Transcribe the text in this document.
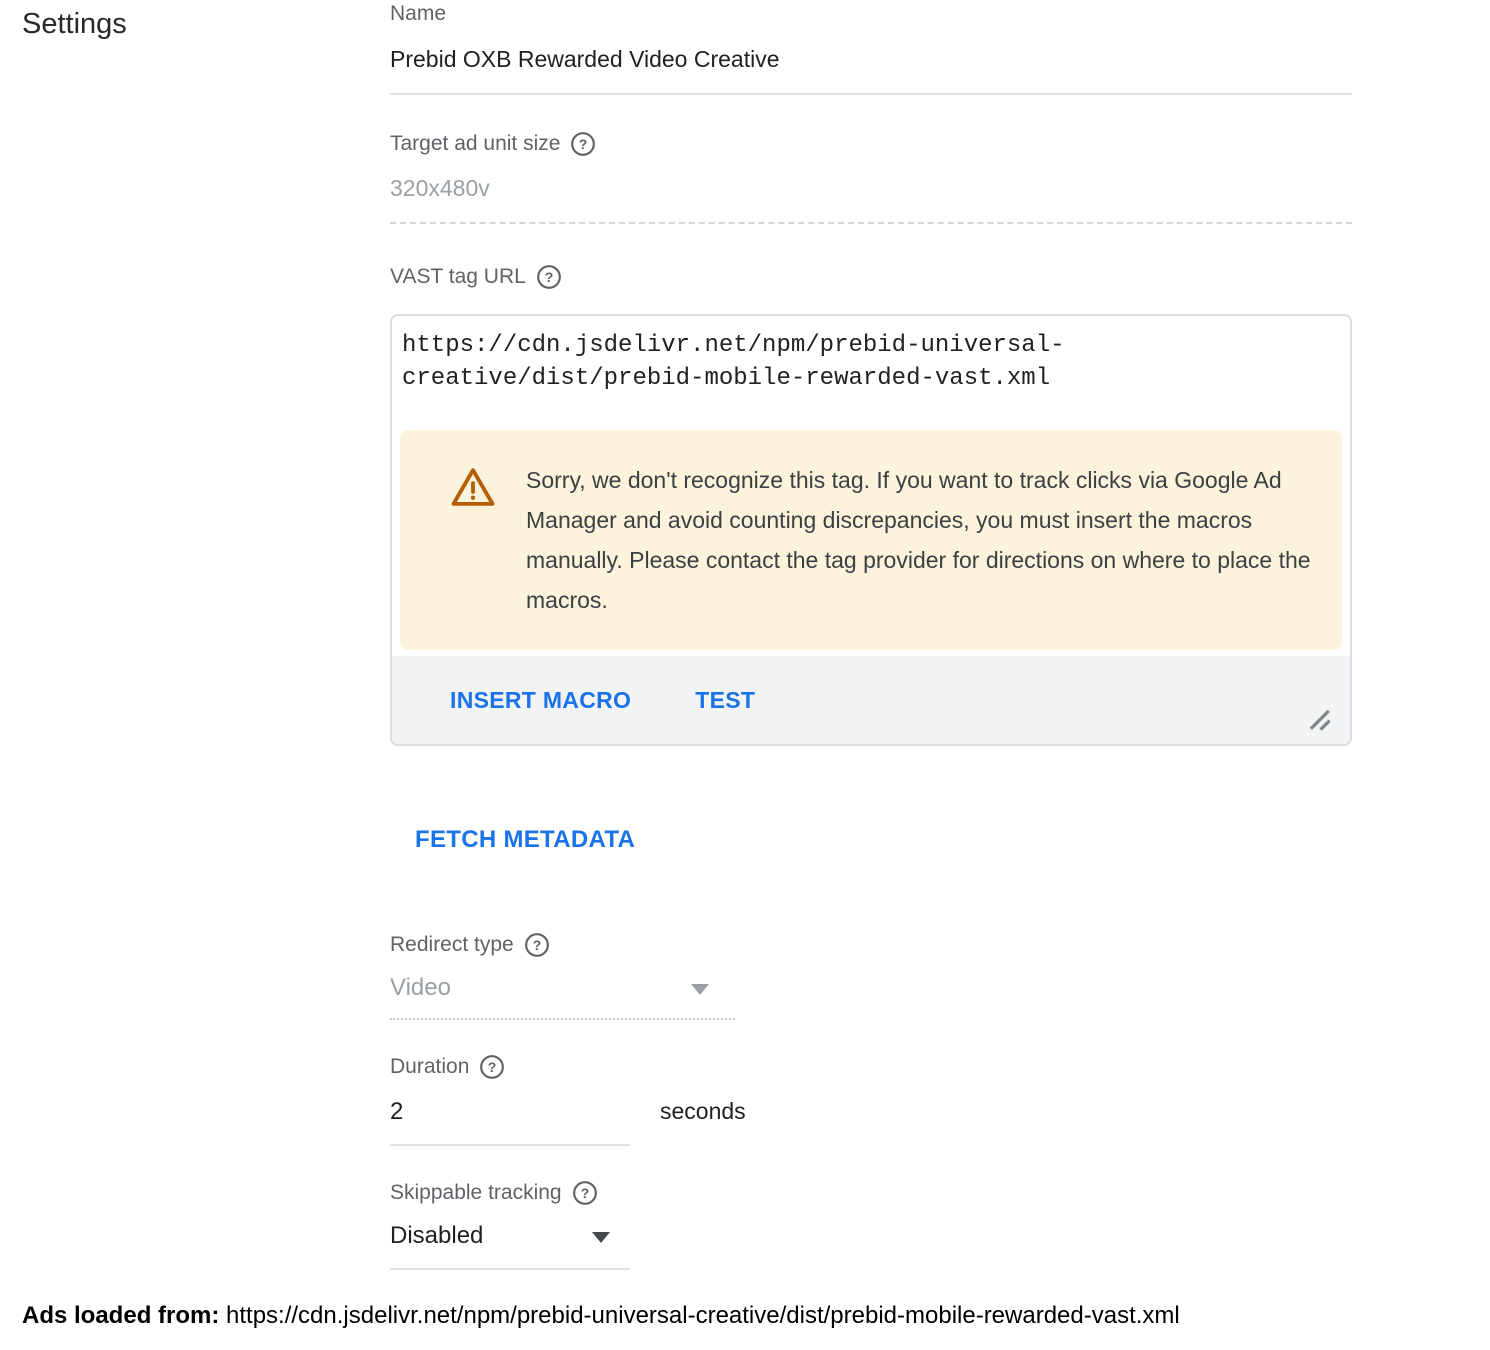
Settings	Name
Prebid OXB Rewarded Video Creative
Target ad unit size ?
320x480v
VAST tag URL ?
https://cdn.jsdelivr.net/npm/prebid-universal-
creative/dist/prebid-mobile-rewarded-vast.xml
Sorry, we don't recognize this tag. If you want to track clicks via Google Ad Manager and avoid counting discrepancies, you must insert the macros manually. Please contact the tag provider for directions on where to place the macros.
INSERT MACRO	TEST
FETCH METADATA
Redirect type ?
Video
Duration ?
2	seconds
Skippable tracking ?
Disabled
Ads loaded from: https://cdn.jsdelivr.net/npm/prebid-universal-creative/dist/prebid-mobile-rewarded-vast.xml
